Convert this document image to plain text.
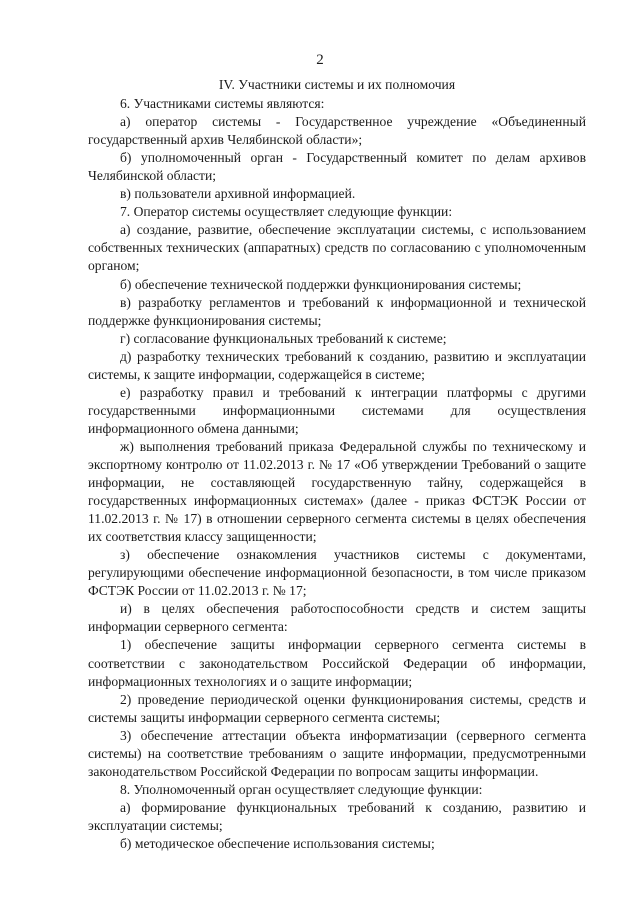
2

IV. Участники системы и их полномочия

6. Участниками системы являются:

а) оператор системы - Государственное учреждение «Объединенный государственный архив Челябинской области»;

б) уполномоченный орган - Государственный комитет по делам архивов Челябинской области;

в) пользователи архивной информацией.

7. Оператор системы осуществляет следующие функции:

а) создание, развитие, обеспечение эксплуатации системы, с использованием собственных технических (аппаратных) средств по согласованию с уполномоченным органом;

б) обеспечение технической поддержки функционирования системы;

в) разработку регламентов и требований к информационной и технической поддержке функционирования системы;

г) согласование функциональных требований к системе;

д) разработку технических требований к созданию, развитию и эксплуатации системы, к защите информации, содержащейся в системе;

е) разработку правил и требований к интеграции платформы с другими государственными информационными системами для осуществления информационного обмена данными;

ж) выполнения требований приказа Федеральной службы по техническому и экспортному контролю от 11.02.2013 г. № 17 «Об утверждении Требований о защите информации, не составляющей государственную тайну, содержащейся в государственных информационных системах» (далее - приказ ФСТЭК России от 11.02.2013 г. № 17) в отношении серверного сегмента системы в целях обеспечения их соответствия классу защищенности;

з) обеспечение ознакомления участников системы с документами, регулирующими обеспечение информационной безопасности, в том числе приказом ФСТЭК России от 11.02.2013 г. № 17;

и) в целях обеспечения работоспособности средств и систем защиты информации серверного сегмента:

1) обеспечение защиты информации серверного сегмента системы в соответствии с законодательством Российской Федерации об информации, информационных технологиях и о защите информации;

2) проведение периодической оценки функционирования системы, средств и системы защиты информации серверного сегмента системы;

3) обеспечение аттестации объекта информатизации (серверного сегмента системы) на соответствие требованиям о защите информации, предусмотренными законодательством Российской Федерации по вопросам защиты информации.

8. Уполномоченный орган осуществляет следующие функции:

а) формирование функциональных требований к созданию, развитию и эксплуатации системы;

б) методическое обеспечение использования системы;
